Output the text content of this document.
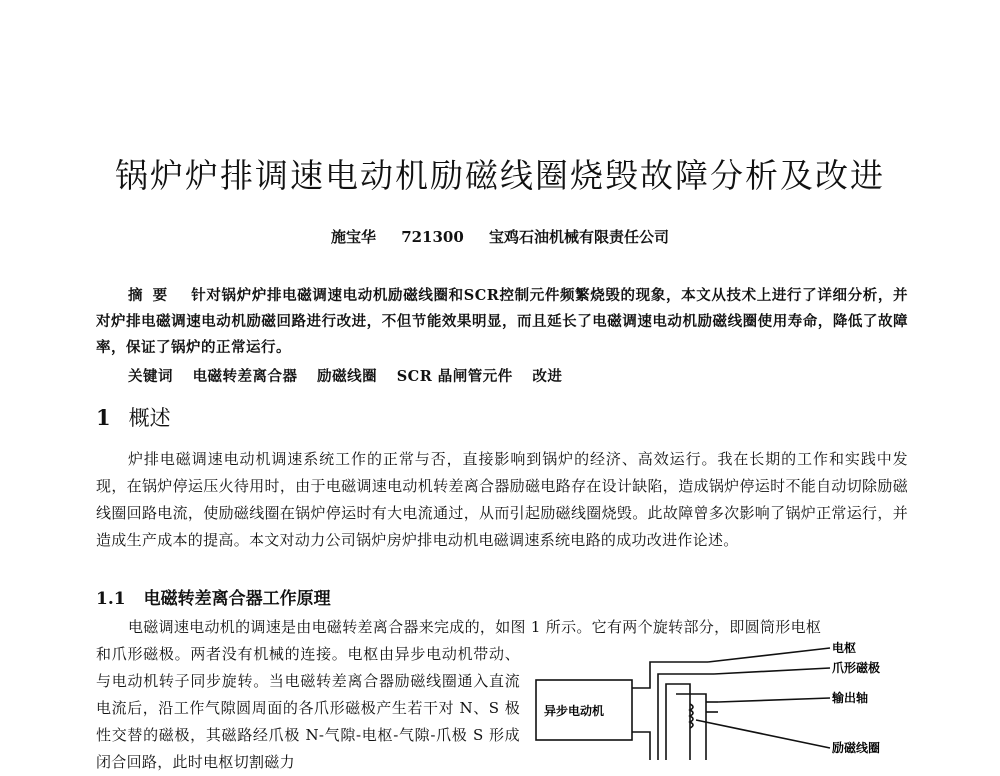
锅炉炉排调速电动机励磁线圈烧毁故障分析及改进
施宝华 721300 宝鸡石油机械有限责任公司

摘要 针对锅炉炉排电磁调速电动机励磁线圈和SCR控制元件频繁烧毁的现象，本文从技术上进行了详细分析，并对炉排电磁调速电动机励磁回路进行改进，不但节能效果明显，而且延长了电磁调速电动机励磁线圈使用寿命，降低了故障率，保证了锅炉的正常运行。

关键词 电磁转差离合器 励磁线圈 SCR 晶闸管元件 改进
1 概述

炉排电磁调速电动机调速系统工作的正常与否，直接影响到锅炉的经济、高效运行。我在长期的工作和实践中发现，在锅炉停运压火待用时，由于电磁调速电动机转差离合器励磁电路存在设计缺陷，造成锅炉停运时不能自动切除励磁线圈回路电流，使励磁线圈在锅炉停运时有大电流通过，从而引起励磁线圈烧毁。此故障曾多次影响了锅炉正常运行，并造成生产成本的提高。本文对动力公司锅炉房炉排电动机电磁调速系统电路的成功改进作论述。

1.1 电磁转差离合器工作原理

电磁调速电动机的调速是由电磁转差离合器来完成的，如图 1 所示。它有两个旋转部分，即圆筒形电枢

和爪形磁极。两者没有机械的连接。电枢由异步电动机带动、与电动机转子同步旋转。当电磁转差离合器励磁线圈通入直流电流后，沿工作气隙圆周面的各爪形磁极产生若干对 N、S 极性交替的磁极，其磁路经爪极 N-气隙-电枢-气隙-爪极 S 形成闭合回路，此时电枢切割磁力

异步电动机
电枢
爪形磁极
输出轴
励磁线圈
